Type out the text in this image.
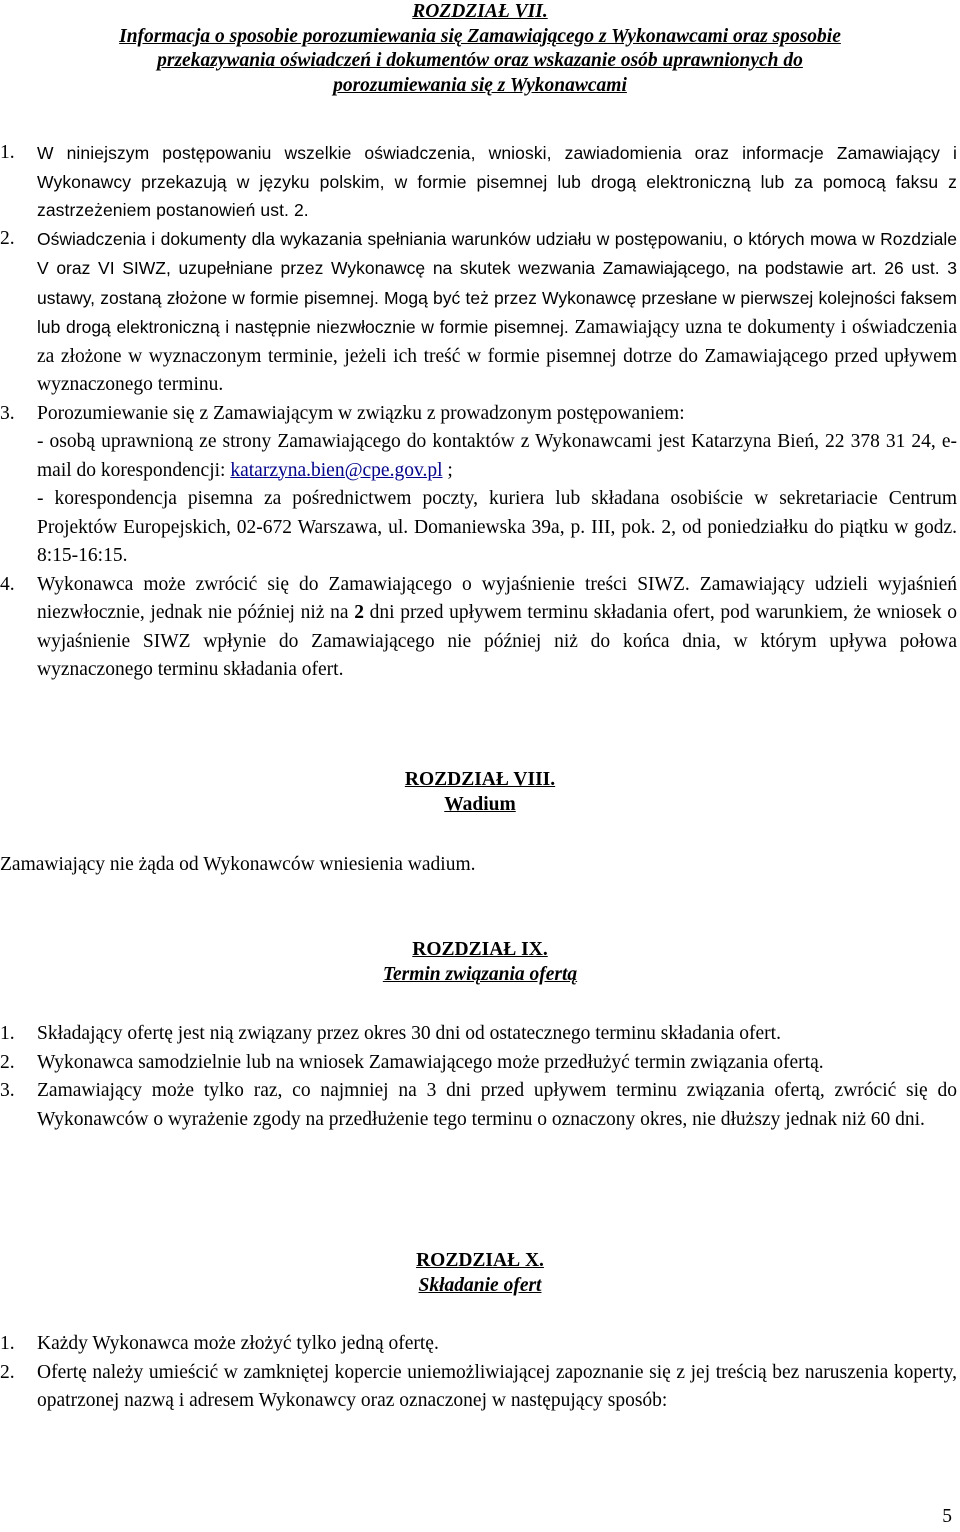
ROZDZIAŁ VII.
Informacja o sposobie porozumiewania się Zamawiającego z Wykonawcami oraz sposobie
przekazywania oświadczeń i dokumentów oraz wskazanie osób uprawnionych do
porozumiewania się z Wykonawcami
1.	W niniejszym postępowaniu wszelkie oświadczenia, wnioski, zawiadomienia oraz informacje Zamawiający i Wykonawcy przekazują w języku polskim, w formie pisemnej lub drogą elektroniczną lub za pomocą faksu z zastrzeżeniem postanowień ust. 2.
2.	Oświadczenia i dokumenty dla wykazania spełniania warunków udziału w postępowaniu, o których mowa w Rozdziale V oraz VI SIWZ, uzupełniane przez Wykonawcę na skutek wezwania Zamawiającego, na podstawie art. 26 ust. 3 ustawy, zostaną złożone w formie pisemnej. Mogą być też przez Wykonawcę przesłane w pierwszej kolejności faksem lub drogą elektroniczną i następnie niezwłocznie w formie pisemnej. Zamawiający uzna te dokumenty i oświadczenia za złożone w wyznaczonym terminie, jeżeli ich treść w formie pisemnej dotrze do Zamawiającego przed upływem wyznaczonego terminu.
3.	Porozumiewanie się z Zamawiającym w związku z prowadzonym postępowaniem:
- osobą uprawnioną ze strony Zamawiającego do kontaktów z Wykonawcami jest Katarzyna Bień, 22 378 31 24, e-mail do korespondencji: katarzyna.bien@cpe.gov.pl ;
- korespondencja pisemna za pośrednictwem poczty, kuriera lub składana osobiście w sekretariacie Centrum Projektów Europejskich, 02-672 Warszawa, ul. Domaniewska 39a, p. III, pok. 2, od poniedziałku do piątku w godz. 8:15-16:15.
4.	Wykonawca może zwrócić się do Zamawiającego o wyjaśnienie treści SIWZ. Zamawiający udzieli wyjaśnień niezwłocznie, jednak nie później niż na 2 dni przed upływem terminu składania ofert, pod warunkiem, że wniosek o wyjaśnienie SIWZ wpłynie do Zamawiającego nie później niż do końca dnia, w którym upływa połowa wyznaczonego terminu składania ofert.
ROZDZIAŁ VIII.
Wadium
Zamawiający nie żąda od Wykonawców wniesienia wadium.
ROZDZIAŁ IX.
Termin związania ofertą
1.	Składający ofertę jest nią związany przez okres 30 dni od ostatecznego terminu składania ofert.
2.	Wykonawca samodzielnie lub na wniosek Zamawiającego może przedłużyć termin związania ofertą.
3.	Zamawiający może tylko raz, co najmniej na 3 dni przed upływem terminu związania ofertą, zwrócić się do Wykonawców o wyrażenie zgody na przedłużenie tego terminu o oznaczony okres, nie dłuższy jednak niż 60 dni.
ROZDZIAŁ X.
Składanie ofert
1.	Każdy Wykonawca może złożyć tylko jedną ofertę.
2.	Ofertę należy umieścić w zamkniętej kopercie uniemożliwiającej zapoznanie się z jej treścią bez naruszenia koperty, opatrzonej nazwą i adresem Wykonawcy oraz oznaczonej w następujący sposób:
5
